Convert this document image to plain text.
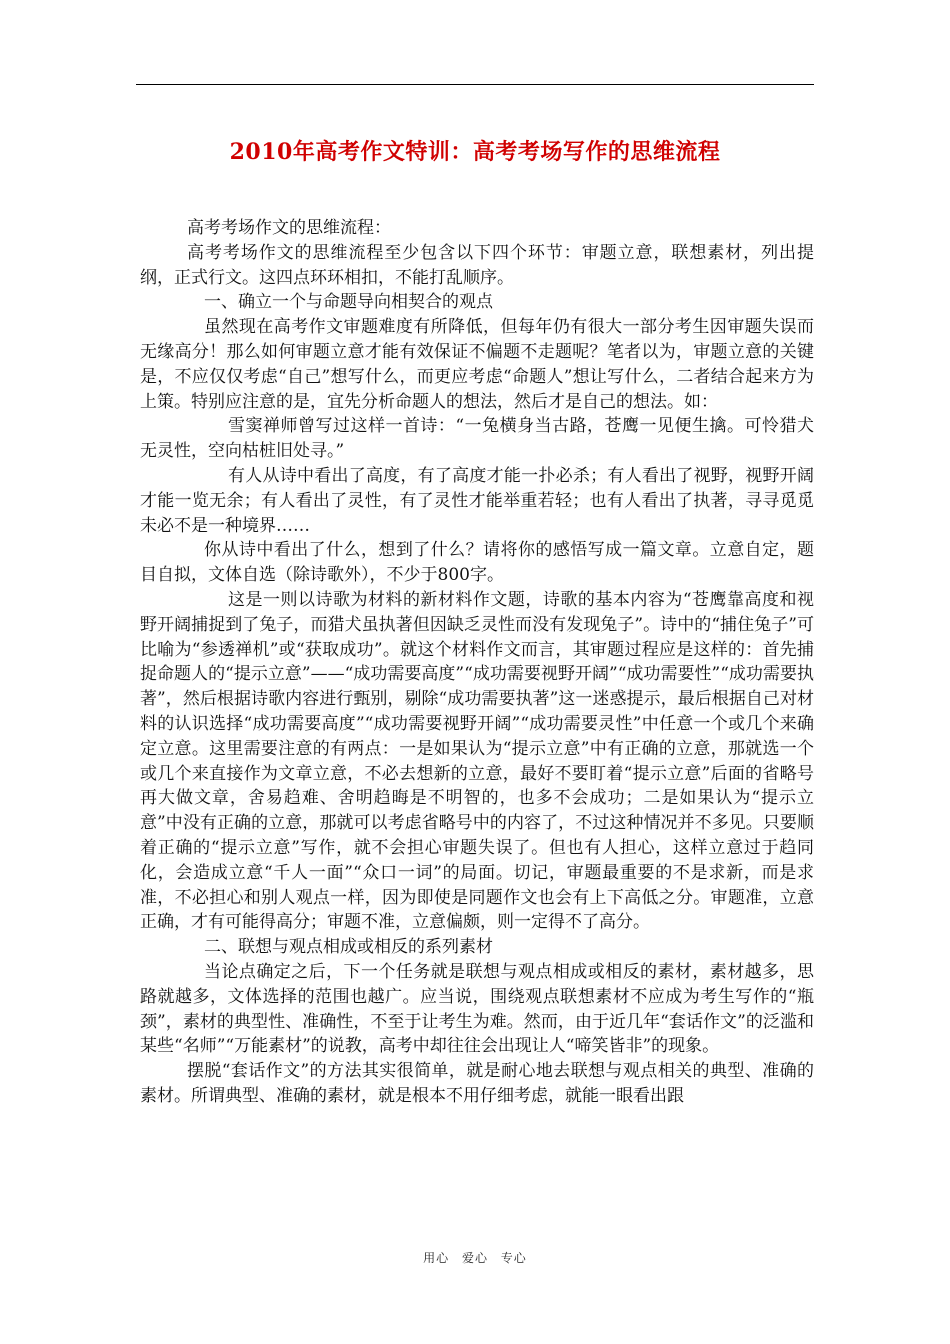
2010年高考作文特训：高考考场写作的思维流程

高考考场作文的思维流程：

高考考场作文的思维流程至少包含以下四个环节：审题立意，联想素材，列出提纲，正式行文。这四点环环相扣，不能打乱顺序。

一、确立一个与命题导向相契合的观点

虽然现在高考作文审题难度有所降低，但每年仍有很大一部分考生因审题失误而无缘高分！那么如何审题立意才能有效保证不偏题不走题呢？笔者以为，审题立意的关键是，不应仅仅考虑“自己”想写什么，而更应考虑“命题人”想让写什么，二者结合起来方为上策。特别应注意的是，宜先分析命题人的想法，然后才是自己的想法。如：

雪窦禅师曾写过这样一首诗：“一兔横身当古路，苍鹰一见便生擒。可怜猎犬无灵性，空向枯桩旧处寻。”

有人从诗中看出了高度，有了高度才能一扑必杀；有人看出了视野，视野开阔才能一览无余；有人看出了灵性，有了灵性才能举重若轻；也有人看出了执著，寻寻觅觅未必不是一种境界……

你从诗中看出了什么，想到了什么？请将你的感悟写成一篇文章。立意自定，题目自拟，文体自选（除诗歌外），不少于800字。

这是一则以诗歌为材料的新材料作文题，诗歌的基本内容为“苍鹰靠高度和视野开阔捕捉到了兔子，而猎犬虽执著但因缺乏灵性而没有发现兔子”。诗中的“捕住兔子”可比喻为“参透禅机”或“获取成功”。就这个材料作文而言，其审题过程应是这样的：首先捕捉命题人的“提示立意”——“成功需要高度”“成功需要视野开阔”“成功需要性”“成功需要执著”，然后根据诗歌内容进行甄别，剔除“成功需要执著”这一迷惑提示，最后根据自己对材料的认识选择“成功需要高度”“成功需要视野开阔”“成功需要灵性”中任意一个或几个来确定立意。这里需要注意的有两点：一是如果认为“提示立意”中有正确的立意，那就选一个或几个来直接作为文章立意，不必去想新的立意，最好不要盯着“提示立意”后面的省略号再大做文章，舍易趋难、舍明趋晦是不明智的，也多不会成功；二是如果认为“提示立意”中没有正确的立意，那就可以考虑省略号中的内容了，不过这种情况并不多见。只要顺着正确的“提示立意”写作，就不会担心审题失误了。但也有人担心，这样立意过于趋同化，会造成立意“千人一面”“众口一词”的局面。切记，审题最重要的不是求新，而是求准，不必担心和别人观点一样，因为即使是同题作文也会有上下高低之分。审题准，立意正确，才有可能得高分；审题不准，立意偏颇，则一定得不了高分。

二、联想与观点相成或相反的系列素材

当论点确定之后，下一个任务就是联想与观点相成或相反的素材，素材越多，思路就越多，文体选择的范围也越广。应当说，围绕观点联想素材不应成为考生写作的“瓶颈”，素材的典型性、准确性，不至于让考生为难。然而，由于近几年“套话作文”的泛滥和某些“名师”“万能素材”的说教，高考中却往往会出现让人“啼笑皆非”的现象。

摆脱“套话作文”的方法其实很简单，就是耐心地去联想与观点相关的典型、准确的素材。所谓典型、准确的素材，就是根本不用仔细考虑，就能一眼看出跟

用心 爱心 专心
